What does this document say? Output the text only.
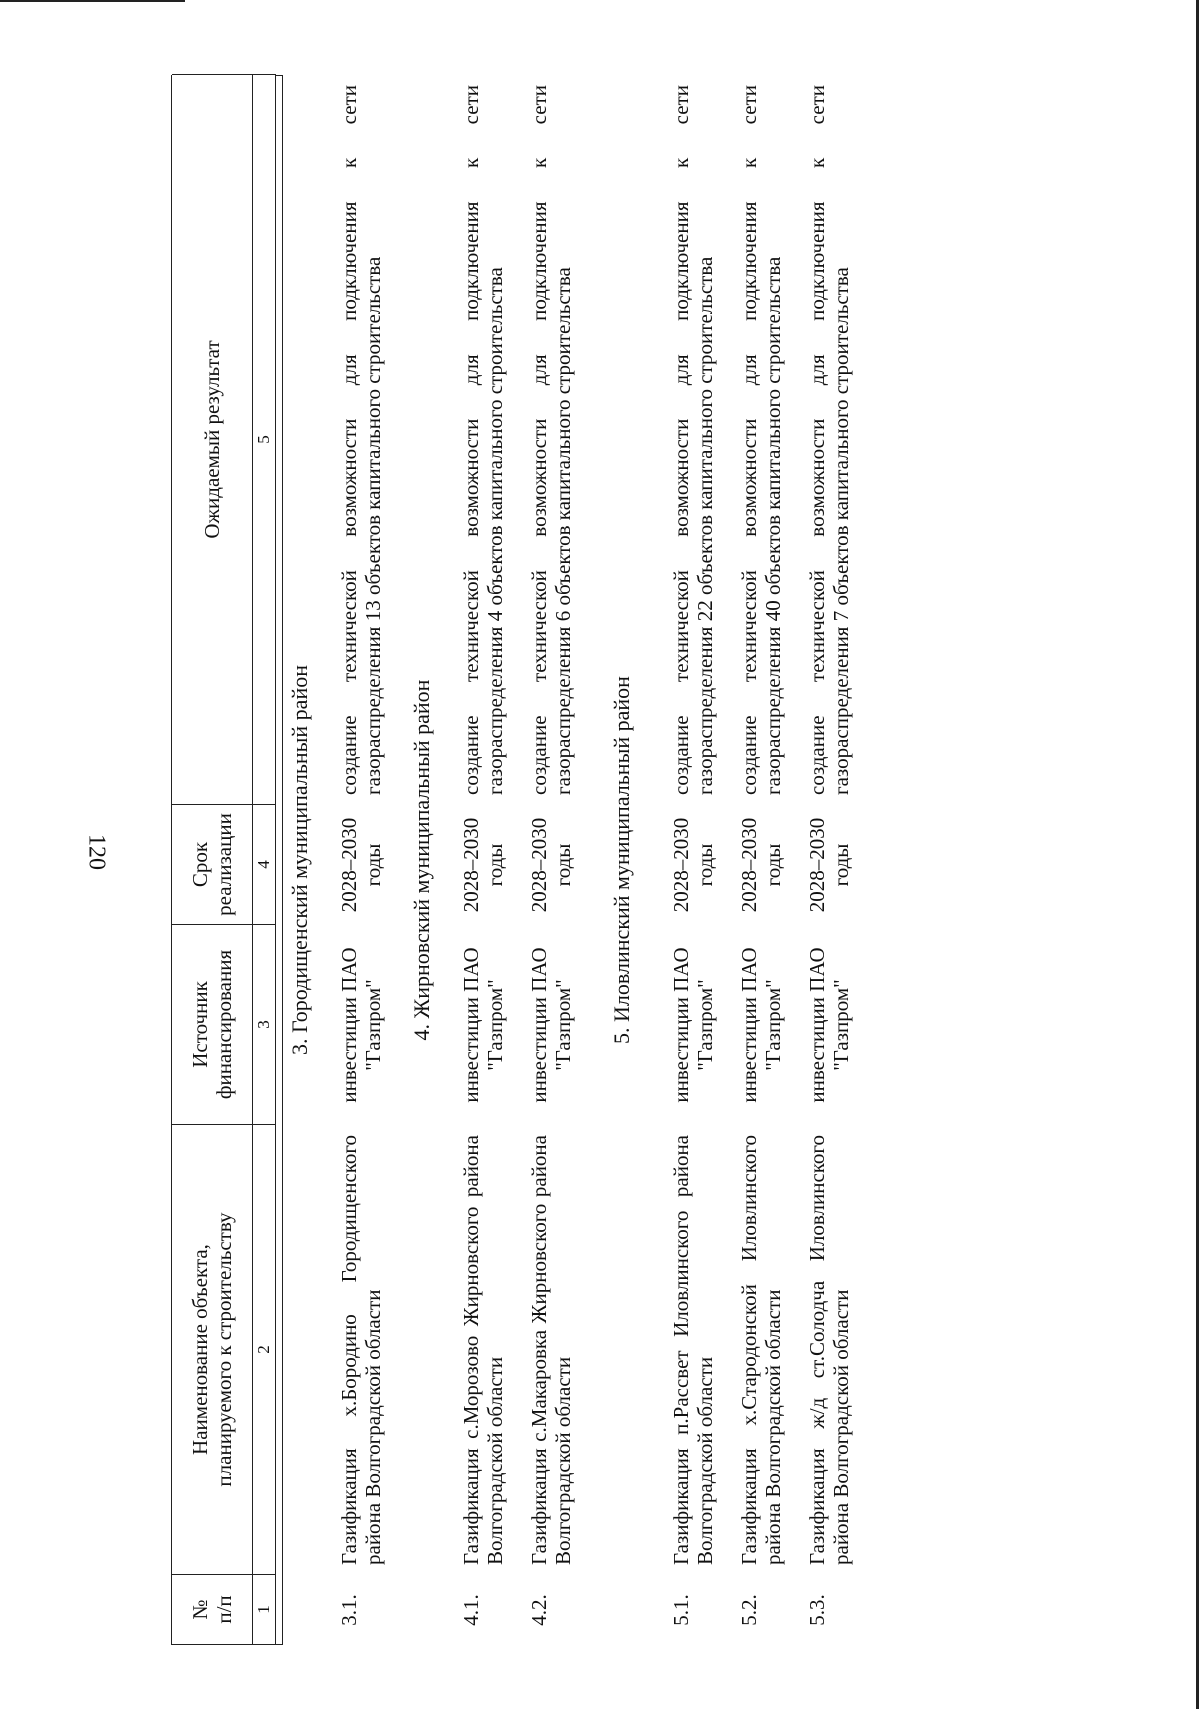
120
№ п/п
Наименование объекта, планируемого к строительству
Источник финансирования
Срок реализации
Ожидаемый результат
1
2
3
4
5
3. Городищенский муниципальный район
3.1.
Газификация х.Бородино Городищенского района Волгоградской области
инвестиции ПАО "Газпром"
2028–2030 годы
создание технической возможности для подключения к сети газораспределения 13 объектов капитального строительства
4. Жирновский муниципальный район
4.1.
Газификация с.Морозово Жирновского района Волгоградской области
инвестиции ПАО "Газпром"
2028–2030 годы
создание технической возможности для подключения к сети газораспределения 4 объектов капитального строительства
4.2.
Газификация с.Макаровка Жирновского района Волгоградской области
инвестиции ПАО "Газпром"
2028–2030 годы
создание технической возможности для подключения к сети газораспределения 6 объектов капитального строительства
5. Иловлинский муниципальный район
5.1.
Газификация п.Рассвет Иловлинского района Волгоградской области
инвестиции ПАО "Газпром"
2028–2030 годы
создание технической возможности для подключения к сети газораспределения 22 объектов капитального строительства
5.2.
Газификация х.Стародонской Иловлинского района Волгоградской области
инвестиции ПАО "Газпром"
2028–2030 годы
создание технической возможности для подключения к сети газораспределения 40 объектов капитального строительства
5.3.
Газификация ж/д ст.Солодча Иловлинского района Волгоградской области
инвестиции ПАО "Газпром"
2028–2030 годы
создание технической возможности для подключения к сети газораспределения 7 объектов капитального строительства
